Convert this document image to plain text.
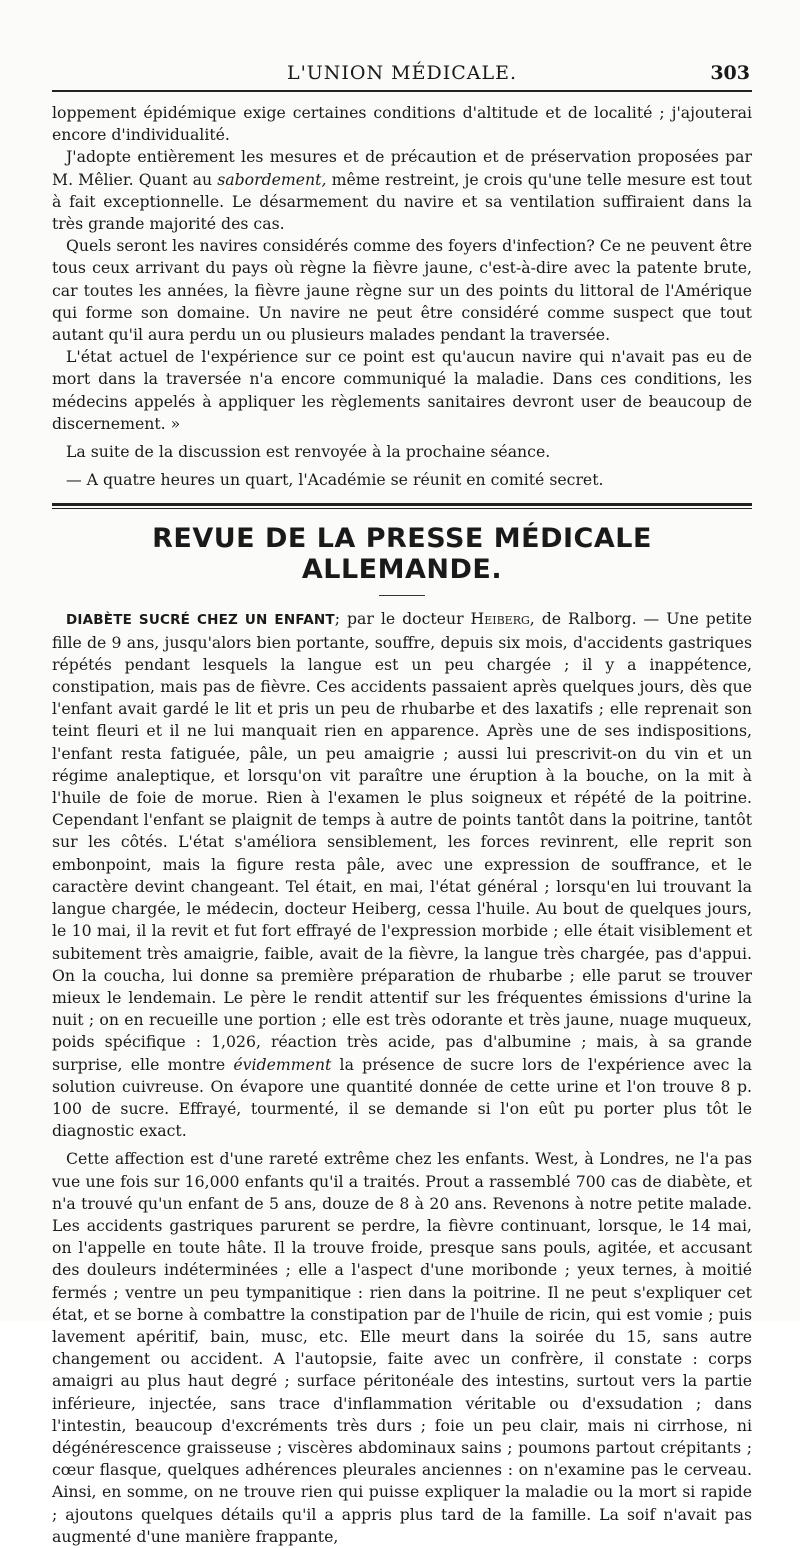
L'UNION MÉDICALE.	303

loppement épidémique exige certaines conditions d'altitude et de localité ; j'ajouterai encore d'individualité.

J'adopte entièrement les mesures et de précaution et de préservation proposées par M. Mêlier. Quant au sabordement, même restreint, je crois qu'une telle mesure est tout à fait exceptionnelle. Le désarmement du navire et sa ventilation suffiraient dans la très grande majorité des cas.

Quels seront les navires considérés comme des foyers d'infection? Ce ne peuvent être tous ceux arrivant du pays où règne la fièvre jaune, c'est-à-dire avec la patente brute, car toutes les années, la fièvre jaune règne sur un des points du littoral de l'Amérique qui forme son domaine. Un navire ne peut être considéré comme suspect que tout autant qu'il aura perdu un ou plusieurs malades pendant la traversée.

L'état actuel de l'expérience sur ce point est qu'aucun navire qui n'avait pas eu de mort dans la traversée n'a encore communiqué la maladie. Dans ces conditions, les médecins appelés à appliquer les règlements sanitaires devront user de beaucoup de discernement. »

La suite de la discussion est renvoyée à la prochaine séance.

— A quatre heures un quart, l'Académie se réunit en comité secret.

REVUE DE LA PRESSE MÉDICALE ALLEMANDE.

DIABÈTE SUCRÉ CHEZ UN ENFANT; par le docteur Heiberg, de Ralborg. — Une petite fille de 9 ans, jusqu'alors bien portante, souffre, depuis six mois, d'accidents gastriques répétés pendant lesquels la langue est un peu chargée ; il y a inappétence, constipation, mais pas de fièvre. Ces accidents passaient après quelques jours, dès que l'enfant avait gardé le lit et pris un peu de rhubarbe et des laxatifs ; elle reprenait son teint fleuri et il ne lui manquait rien en apparence. Après une de ses indispositions, l'enfant resta fatiguée, pâle, un peu amaigrie ; aussi lui prescrivit-on du vin et un régime analeptique, et lorsqu'on vit paraître une éruption à la bouche, on la mit à l'huile de foie de morue. Rien à l'examen le plus soigneux et répété de la poitrine. Cependant l'enfant se plaignit de temps à autre de points tantôt dans la poitrine, tantôt sur les côtés. L'état s'améliora sensiblement, les forces revinrent, elle reprit son embonpoint, mais la figure resta pâle, avec une expression de souffrance, et le caractère devint changeant. Tel était, en mai, l'état général ; lorsqu'en lui trouvant la langue chargée, le médecin, docteur Heiberg, cessa l'huile. Au bout de quelques jours, le 10 mai, il la revit et fut fort effrayé de l'expression morbide ; elle était visiblement et subitement très amaigrie, faible, avait de la fièvre, la langue très chargée, pas d'appui. On la coucha, lui donne sa première préparation de rhubarbe ; elle parut se trouver mieux le lendemain. Le père le rendit attentif sur les fréquentes émissions d'urine la nuit ; on en recueille une portion ; elle est très odorante et très jaune, nuage muqueux, poids spécifique : 1,026, réaction très acide, pas d'albumine ; mais, à sa grande surprise, elle montre évidemment la présence de sucre lors de l'expérience avec la solution cuivreuse. On évapore une quantité donnée de cette urine et l'on trouve 8 p. 100 de sucre. Effrayé, tourmenté, il se demande si l'on eût pu porter plus tôt le diagnostic exact.

Cette affection est d'une rareté extrême chez les enfants. West, à Londres, ne l'a pas vue une fois sur 16,000 enfants qu'il a traités. Prout a rassemblé 700 cas de diabète, et n'a trouvé qu'un enfant de 5 ans, douze de 8 à 20 ans. Revenons à notre petite malade. Les accidents gastriques parurent se perdre, la fièvre continuant, lorsque, le 14 mai, on l'appelle en toute hâte. Il la trouve froide, presque sans pouls, agitée, et accusant des douleurs indéterminées ; elle a l'aspect d'une moribonde ; yeux ternes, à moitié fermés ; ventre un peu tympanitique : rien dans la poitrine. Il ne peut s'expliquer cet état, et se borne à combattre la constipation par de l'huile de ricin, qui est vomie ; puis lavement apéritif, bain, musc, etc. Elle meurt dans la soirée du 15, sans autre changement ou accident. A l'autopsie, faite avec un confrère, il constate : corps amaigri au plus haut degré ; surface péritonéale des intestins, surtout vers la partie inférieure, injectée, sans trace d'inflammation véritable ou d'exsudation ; dans l'intestin, beaucoup d'excréments très durs ; foie un peu clair, mais ni cirrhose, ni dégénérescence graisseuse ; viscères abdominaux sains ; poumons partout crépitants ; cœur flasque, quelques adhérences pleurales anciennes : on n'examine pas le cerveau. Ainsi, en somme, on ne trouve rien qui puisse expliquer la maladie ou la mort si rapide ; ajoutons quelques détails qu'il a appris plus tard de la famille. La soif n'avait pas augmenté d'une manière frappante,
